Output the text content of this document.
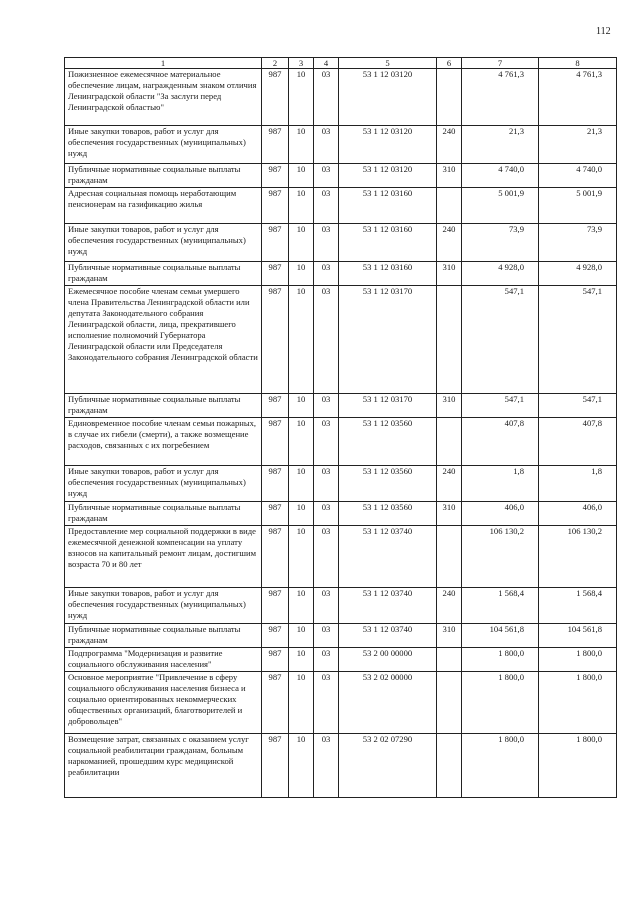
112
1	2	3	4	5	6	7	8
Пожизненное ежемесячное материальное обеспечение лицам, награжденным знаком отличия Ленинградской области "За заслуги перед Ленинградской областью"	987	10	03	53 1 12 03120		4 761,3	4 761,3
Иные закупки товаров, работ и услуг для обеспечения государственных (муниципальных) нужд	987	10	03	53 1 12 03120	240	21,3	21,3
Публичные нормативные социальные выплаты гражданам	987	10	03	53 1 12 03120	310	4 740,0	4 740,0
Адресная социальная помощь неработающим пенсионерам на газификацию жилья	987	10	03	53 1 12 03160		5 001,9	5 001,9
Иные закупки товаров, работ и услуг для обеспечения государственных (муниципальных) нужд	987	10	03	53 1 12 03160	240	73,9	73,9
Публичные нормативные социальные выплаты гражданам	987	10	03	53 1 12 03160	310	4 928,0	4 928,0
Ежемесячное пособие членам семьи умершего члена Правительства Ленинградской области или депутата Законодательного собрания Ленинградской области, лица, прекратившего исполнение полномочий Губернатора Ленинградской области или Председателя Законодательного собрания Ленинградской области	987	10	03	53 1 12 03170		547,1	547,1
Публичные нормативные социальные выплаты гражданам	987	10	03	53 1 12 03170	310	547,1	547,1
Единовременное пособие членам семьи пожарных, в случае их гибели (смерти), а также возмещение расходов, связанных с их погребением	987	10	03	53 1 12 03560		407,8	407,8
Иные закупки товаров, работ и услуг для обеспечения государственных (муниципальных) нужд	987	10	03	53 1 12 03560	240	1,8	1,8
Публичные нормативные социальные выплаты гражданам	987	10	03	53 1 12 03560	310	406,0	406,0
Предоставление мер социальной поддержки в виде ежемесячной денежной компенсации на уплату взносов на капитальный ремонт лицам, достигшим возраста 70 и 80 лет	987	10	03	53 1 12 03740		106 130,2	106 130,2
Иные закупки товаров, работ и услуг для обеспечения государственных (муниципальных) нужд	987	10	03	53 1 12 03740	240	1 568,4	1 568,4
Публичные нормативные социальные выплаты гражданам	987	10	03	53 1 12 03740	310	104 561,8	104 561,8
Подпрограмма "Модернизация и развитие социального обслуживания населения"	987	10	03	53 2 00 00000		1 800,0	1 800,0
Основное мероприятие "Привлечение в сферу социального обслуживания населения бизнеса и социально ориентированных некоммерческих общественных организаций, благотворителей и добровольцев"	987	10	03	53 2 02 00000		1 800,0	1 800,0
Возмещение затрат, связанных с оказанием услуг социальной реабилитации гражданам, больным наркоманией, прошедшим курс медицинской реабилитации	987	10	03	53 2 02 07290		1 800,0	1 800,0
